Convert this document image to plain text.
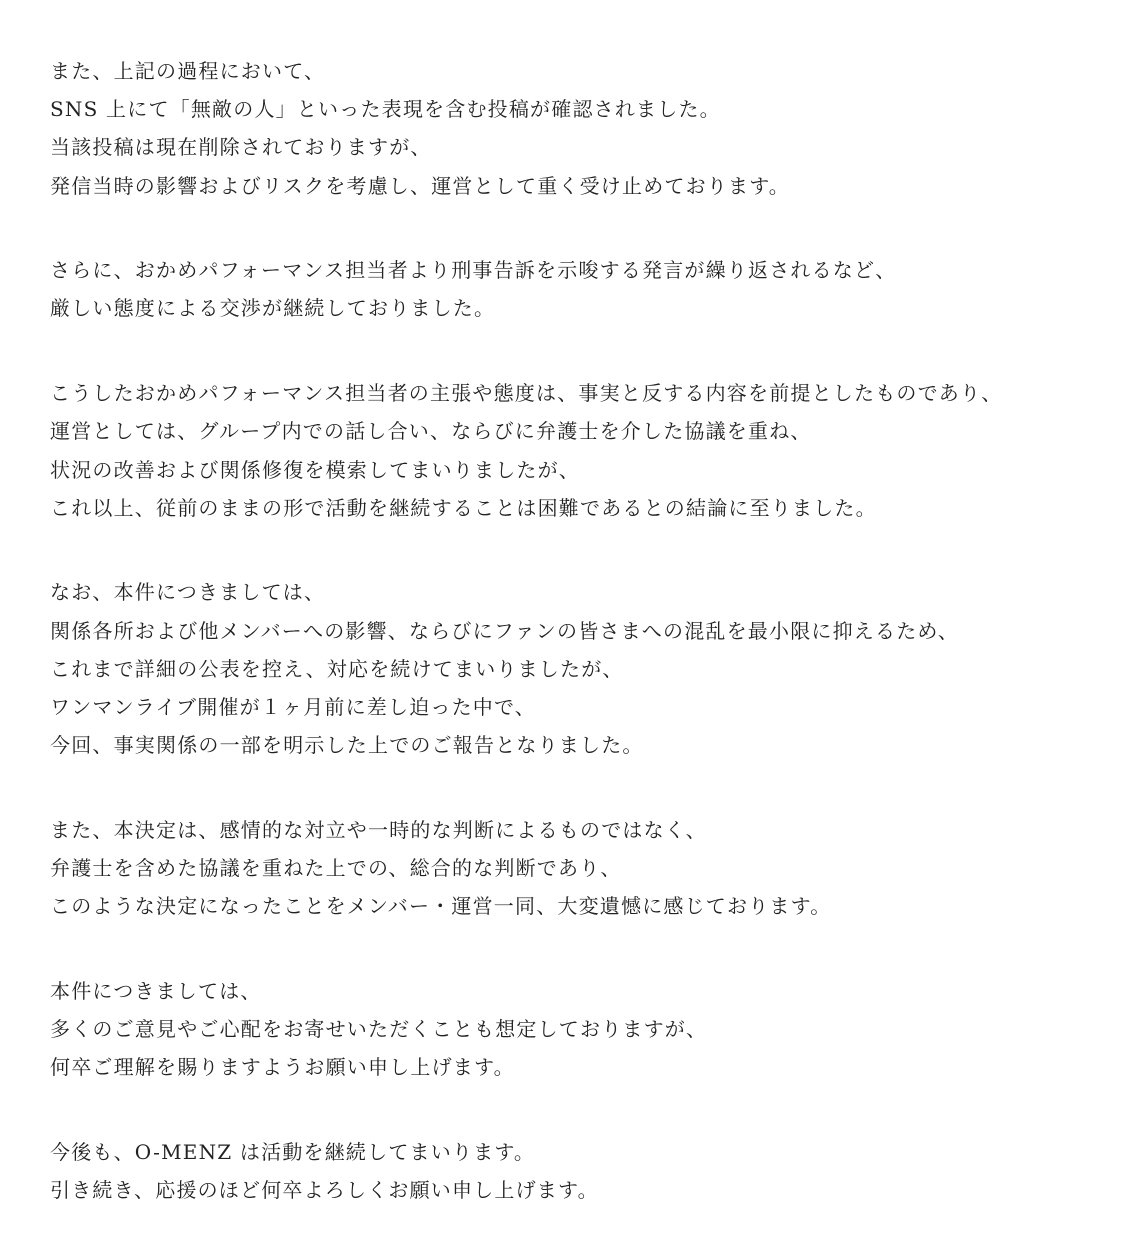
また、上記の過程において、
SNS 上にて「無敵の人」といった表現を含む投稿が確認されました。
当該投稿は現在削除されておりますが、
発信当時の影響およびリスクを考慮し、運営として重く受け止めております。
さらに、おかめパフォーマンス担当者より刑事告訴を示唆する発言が繰り返されるなど、
厳しい態度による交渉が継続しておりました。
こうしたおかめパフォーマンス担当者の主張や態度は、事実と反する内容を前提としたものであり、
運営としては、グループ内での話し合い、ならびに弁護士を介した協議を重ね、
状況の改善および関係修復を模索してまいりましたが、
これ以上、従前のままの形で活動を継続することは困難であるとの結論に至りました。
なお、本件につきましては、
関係各所および他メンバーへの影響、ならびにファンの皆さまへの混乱を最小限に抑えるため、
これまで詳細の公表を控え、対応を続けてまいりましたが、
ワンマンライブ開催が１ヶ月前に差し迫った中で、
今回、事実関係の一部を明示した上でのご報告となりました。
また、本決定は、感情的な対立や一時的な判断によるものではなく、
弁護士を含めた協議を重ねた上での、総合的な判断であり、
このような決定になったことをメンバー・運営一同、大変遺憾に感じております。
本件につきましては、
多くのご意見やご心配をお寄せいただくことも想定しておりますが、
何卒ご理解を賜りますようお願い申し上げます。
今後も、O-MENZ は活動を継続してまいります。
引き続き、応援のほど何卒よろしくお願い申し上げます。
